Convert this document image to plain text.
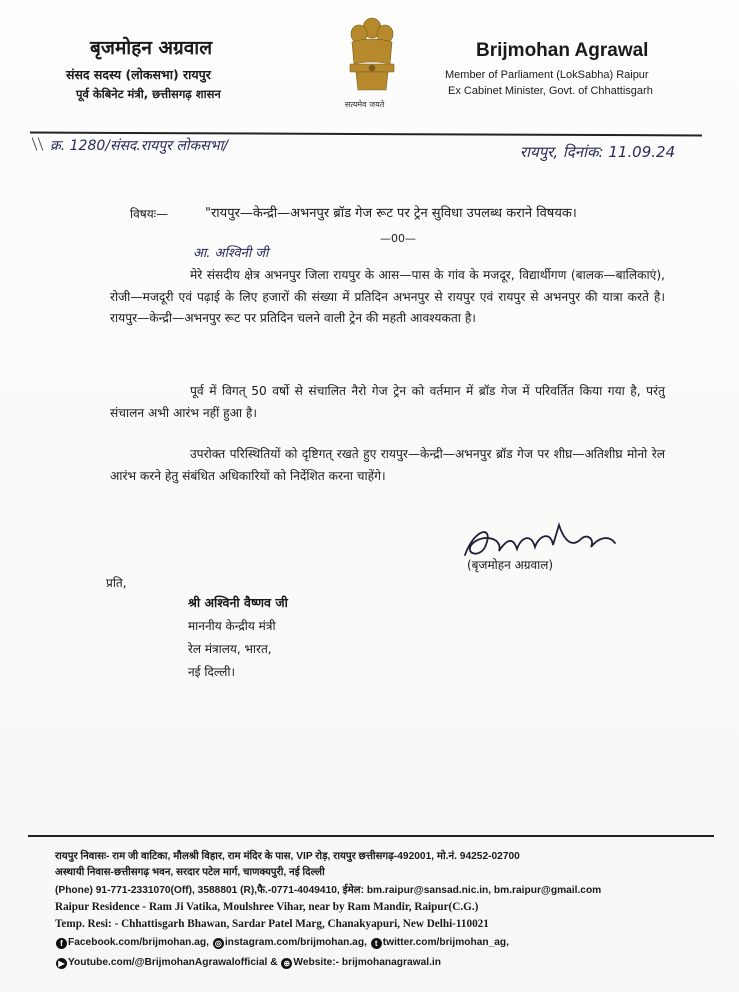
बृजमोहन अग्रवाल
संसद सदस्य (लोकसभा) रायपुर
पूर्व केबिनेट मंत्री, छत्तीसगढ़ शासन
सत्यमेव जयते
Brijmohan Agrawal
Member of Parliament (LokSabha) Raipur
Ex Cabinet Minister, Govt. of Chhattisgarh
क्र. 1280/संसद.रायपुर लोकसभा/	रायपुर, दिनांक: 11.09.24
विषयः—	"रायपुर—केन्द्री—अभनपुर ब्रॉड गेज रूट पर ट्रेन सुविधा उपलब्ध कराने विषयक।
—00—
आ. अश्विनी जी
मेरे संसदीय क्षेत्र अभनपुर जिला रायपुर के आस—पास के गांव के मजदूर, विद्यार्थीगण (बालक—बालिकाएं), रोजी—मजदूरी एवं पढ़ाई के लिए हजारों की संख्या में प्रतिदिन अभनपुर से रायपुर एवं रायपुर से अभनपुर की यात्रा करते है। रायपुर—केन्द्री—अभनपुर रूट पर प्रतिदिन चलने वाली ट्रेन की महती आवश्यकता है।
पूर्व में विगत् 50 वर्षो से संचालित नैरो गेज ट्रेन को वर्तमान में ब्रॉड गेज में परिवर्तित किया गया है, परंतु संचालन अभी आरंभ नहीं हुआ है।
उपरोक्त परिस्थितियों को दृष्टिगत् रखते हुए रायपुर—केन्द्री—अभनपुर ब्रॉड गेज पर शीघ्र—अतिशीघ्र मोनो रेल आरंभ करने हेतु संबंधित अधिकारियों को निर्देशित करना चाहेंगे।
(बृजमोहन अग्रवाल)
प्रति,
श्री अश्विनी वैष्णव जी
माननीय केन्द्रीय मंत्री
रेल मंत्रालय, भारत,
नई दिल्ली।
रायपुर निवासः- राम जी वाटिका, मौलश्री विहार, राम मंदिर के पास, VIP रोड़, रायपुर छत्तीसगढ़-492001, मो.नं. 94252-02700
अस्थायी निवास-छत्तीसगढ़ भवन, सरदार पटेल मार्ग, चाणक्यपुरी, नई दिल्ली
(Phone) 91-771-2331070(Off), 3588801 (R),फै.-0771-4049410, ईमेल: bm.raipur@sansad.nic.in, bm.raipur@gmail.com
Raipur Residence - Ram Ji Vatika, Moulshree Vihar, near by Ram Mandir, Raipur(C.G.)
Temp. Resi: - Chhattisgarh Bhawan, Sardar Patel Marg, Chanakyapuri, New Delhi-110021
f Facebook.com/brijmohan.ag, ◎ instagram.com/brijmohan.ag, t twitter.com/brijmohan_ag,
▶ Youtube.com/@BrijmohanAgrawalofficial & ⊕ Website:- brijmohanagrawal.in
